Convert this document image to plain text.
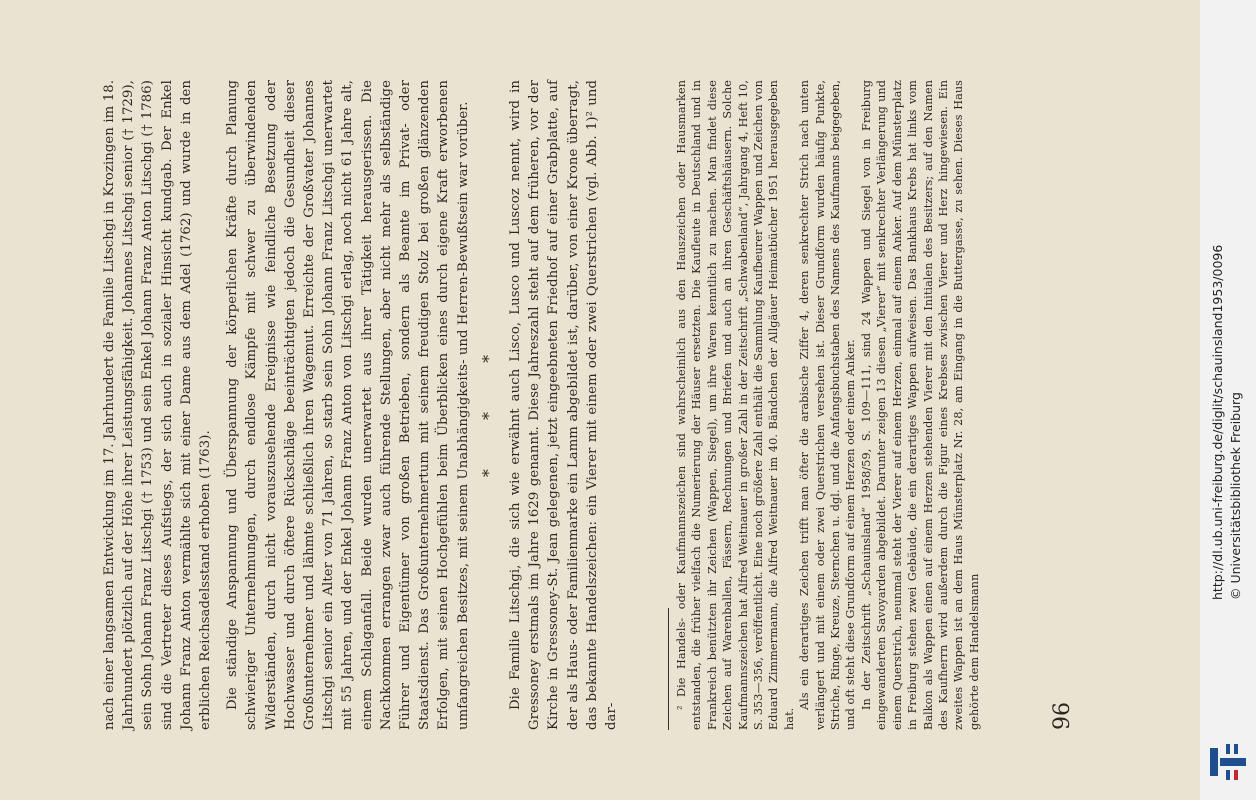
nach einer langsamen Entwicklung im 17. Jahrhundert die Familie Litschgi in Krozingen im 18. Jahrhundert plötzlich auf der Höhe ihrer Leistungsfähigkeit. Johannes Litschgi senior († 1729), sein Sohn Johann Franz Litschgi († 1753) und sein Enkel Johann Franz Anton Litschgi († 1786) sind die Vertreter dieses Aufstiegs, der sich auch in sozialer Hinsicht kundgab. Der Enkel Johann Franz Anton vermählte sich mit einer Dame aus dem Adel (1762) und wurde in den erblichen Reichsadelsstand erhoben (1763). Die ständige Anspannung und Überspannung der körperlichen Kräfte durch Planung schwieriger Unternehmungen, durch endlose Kämpfe mit schwer zu überwindenden Widerständen, durch nicht vorauszusehende Ereignisse wie feindliche Besetzung oder Hochwasser und durch öftere Rückschläge beeinträchtigten jedoch die Gesundheit dieser Großunternehmer und lähmte schließlich ihren Wagemut. Erreichte der Großvater Johannes Litschgi senior ein Alter von 71 Jahren, so starb sein Sohn Johann Franz Litschgi unerwartet mit 55 Jahren, und der Enkel Johann Franz Anton von Litschgi erlag, noch nicht 61 Jahre alt, einem Schlaganfall. Beide wurden unerwartet aus ihrer Tätigkeit herausgerissen. Die Nachkommen errangen zwar auch führende Stellungen, aber nicht mehr als selbständige Führer und Eigentümer von großen Betrieben, sondern als Beamte im Privat- oder Staatsdienst. Das Großunternehmertum mit seinem freudigen Stolz bei großen glänzenden Erfolgen, mit seinen Hochgefühlen beim Überblicken eines durch eigene Kraft erworbenen umfangreichen Besitzes, mit seinem Unabhängigkeits- und Herren-Bewußtsein war vorüber. * * * Die Familie Litschgi, die sich wie erwähnt auch Lisco, Lusco und Luscoz nennt, wird in Gressoney erstmals im Jahre 1629 genannt. Diese Jahreszahl steht auf dem früheren, vor der Kirche in Gressoney-St. Jean gelegenen, jetzt eingeebneten Friedhof auf einer Grabplatte, auf der als Haus- oder Familienmarke ein Lamm abgebildet ist, darüber, von einer Krone überragt, das bekannte Handelszeichen: ein Vierer mit einem oder zwei Querstrichen (vgl. Abb. 1)² und dar-

² Die Handels- oder Kaufmannszeichen sind wahrscheinlich aus den Hauszeichen oder Hausmarken entstanden, die früher vielfach die Numerierung der Häuser ersetzten. Die Kaufleute in Deutschland und in Frankreich benützten ihr Zeichen (Wappen, Siegel), um ihre Waren kenntlich zu machen. Man findet diese Zeichen auf Warenballen, Fässern, Rechnungen und Briefen und auch an ihren Geschäftshäusern. Solche Kaufmannszeichen hat Alfred Weitnauer in großer Zahl in der Zeitschrift „Schwabenland“, Jahrgang 4, Heft 10, S. 353—356, veröffentlicht. Eine noch größere Zahl enthält die Sammlung Kaufbeurer Wappen und Zeichen von Eduard Zimmermann, die Alfred Weitnauer im 40. Bändchen der Allgäuer Heimatbücher 1951 herausgegeben hat.

Als ein derartiges Zeichen trifft man öfter die arabische Ziffer 4, deren senkrechter Strich nach unten verlängert und mit einem oder zwei Querstrichen versehen ist. Dieser Grundform wurden häufig Punkte, Striche, Ringe, Kreuze, Sternchen u. dgl. und die Anfangsbuchstaben des Namens des Kaufmanns beigegeben, und oft steht diese Grundform auf einem Herzen oder einem Anker. In der Zeitschrift „Schauinsland“ 1958/59, S. 109—111, sind 24 Wappen und Siegel von in Freiburg eingewanderten Savoyarden abgebildet. Darunter zeigen 13 diesen „Vierer“ mit senkrechter Verlängerung und einem Querstrich, neunmal steht der Vierer auf einem Herzen, einmal auf einem Anker. Auf dem Münsterplatz in Freiburg stehen zwei Gebäude, die ein derartiges Wappen aufweisen. Das Bankhaus Krebs hat links vom Balkon als Wappen einen auf einem Herzen stehenden Vierer mit den Initialen des Besitzers; auf den Namen des Kaufherrn wird außerdem durch die Figur eines Krebses zwischen Vierer und Herz hingewiesen. Ein zweites Wappen ist an dem Haus Münsterplatz Nr. 28, am Eingang in die Buttergasse, zu sehen. Dieses Haus gehörte dem Handelsmann	96
http://dl.ub.uni-freiburg.de/diglit/schauinsland1953/0096 © Universitätsbibliothek Freiburg
